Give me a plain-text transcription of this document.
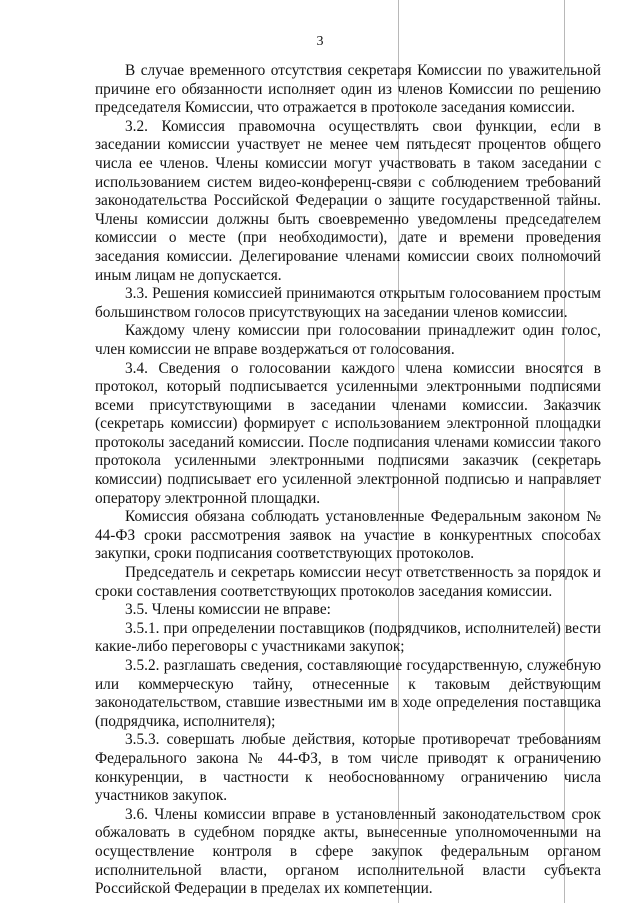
3

В случае временного отсутствия секретаря Комиссии по уважительной причине его обязанности исполняет один из членов Комиссии по решению председателя Комиссии, что отражается в протоколе заседания комиссии.

3.2. Комиссия правомочна осуществлять свои функции, если в заседании комиссии участвует не менее чем пятьдесят процентов общего числа ее членов. Члены комиссии могут участвовать в таком заседании с использованием систем видео-конференц-связи с соблюдением требований законодательства Российской Федерации о защите государственной тайны. Члены комиссии должны быть своевременно уведомлены председателем комиссии о месте (при необходимости), дате и времени проведения заседания комиссии. Делегирование членами комиссии своих полномочий иным лицам не допускается.

3.3. Решения комиссией принимаются открытым голосованием простым большинством голосов присутствующих на заседании членов комиссии.

Каждому члену комиссии при голосовании принадлежит один голос, член комиссии не вправе воздержаться от голосования.

3.4. Сведения о голосовании каждого члена комиссии вносятся в протокол, который подписывается усиленными электронными подписями всеми присутствующими в заседании членами комиссии. Заказчик (секретарь комиссии) формирует с использованием электронной площадки протоколы заседаний комиссии. После подписания членами комиссии такого протокола усиленными электронными подписями заказчик (секретарь комиссии) подписывает его усиленной электронной подписью и направляет оператору электронной площадки.

Комиссия обязана соблюдать установленные Федеральным законом № 44-ФЗ сроки рассмотрения заявок на участие в конкурентных способах закупки, сроки подписания соответствующих протоколов.

Председатель и секретарь комиссии несут ответственность за порядок и сроки составления соответствующих протоколов заседания комиссии.

3.5. Члены комиссии не вправе:

3.5.1. при определении поставщиков (подрядчиков, исполнителей) вести какие-либо переговоры с участниками закупок;

3.5.2. разглашать сведения, составляющие государственную, служебную или коммерческую тайну, отнесенные к таковым действующим законодательством, ставшие известными им в ходе определения поставщика (подрядчика, исполнителя);

3.5.3. совершать любые действия, которые противоречат требованиям Федерального закона № 44-ФЗ, в том числе приводят к ограничению конкуренции, в частности к необоснованному ограничению числа участников закупок.

3.6. Члены комиссии вправе в установленный законодательством срок обжаловать в судебном порядке акты, вынесенные уполномоченными на осуществление контроля в сфере закупок федеральным органом исполнительной власти, органом исполнительной власти субъекта Российской Федерации в пределах их компетенции.
